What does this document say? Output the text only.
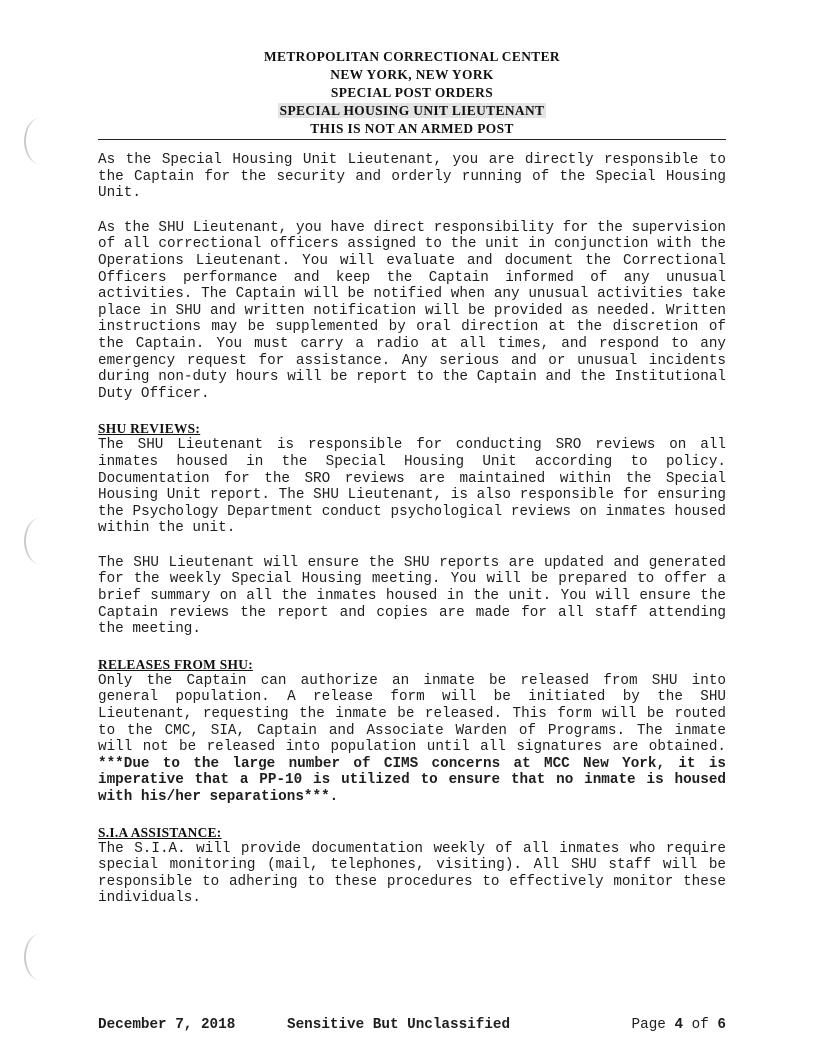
METROPOLITAN CORRECTIONAL CENTER
NEW YORK, NEW YORK
SPECIAL POST ORDERS
SPECIAL HOUSING UNIT LIEUTENANT
THIS IS NOT AN ARMED POST

As the Special Housing Unit Lieutenant, you are directly responsible to the Captain for the security and orderly running of the Special Housing Unit.

As the SHU Lieutenant, you have direct responsibility for the supervision of all correctional officers assigned to the unit in conjunction with the Operations Lieutenant. You will evaluate and document the Correctional Officers performance and keep the Captain informed of any unusual activities. The Captain will be notified when any unusual activities take place in SHU and written notification will be provided as needed. Written instructions may be supplemented by oral direction at the discretion of the Captain. You must carry a radio at all times, and respond to any emergency request for assistance. Any serious and or unusual incidents during non-duty hours will be report to the Captain and the Institutional Duty Officer.

SHU REVIEWS:

The SHU Lieutenant is responsible for conducting SRO reviews on all inmates housed in the Special Housing Unit according to policy. Documentation for the SRO reviews are maintained within the Special Housing Unit report. The SHU Lieutenant, is also responsible for ensuring the Psychology Department conduct psychological reviews on inmates housed within the unit.

The SHU Lieutenant will ensure the SHU reports are updated and generated for the weekly Special Housing meeting. You will be prepared to offer a brief summary on all the inmates housed in the unit. You will ensure the Captain reviews the report and copies are made for all staff attending the meeting.

RELEASES FROM SHU:

Only the Captain can authorize an inmate be released from SHU into general population. A release form will be initiated by the SHU Lieutenant, requesting the inmate be released. This form will be routed to the CMC, SIA, Captain and Associate Warden of Programs. The inmate will not be released into population until all signatures are obtained. ***Due to the large number of CIMS concerns at MCC New York, it is imperative that a PP-10 is utilized to ensure that no inmate is housed with his/her separations***.

S.I.A ASSISTANCE:

The S.I.A. will provide documentation weekly of all inmates who require special monitoring (mail, telephones, visiting). All SHU staff will be responsible to adhering to these procedures to effectively monitor these individuals.

December 7, 2018	Sensitive But Unclassified	Page 4 of 6
